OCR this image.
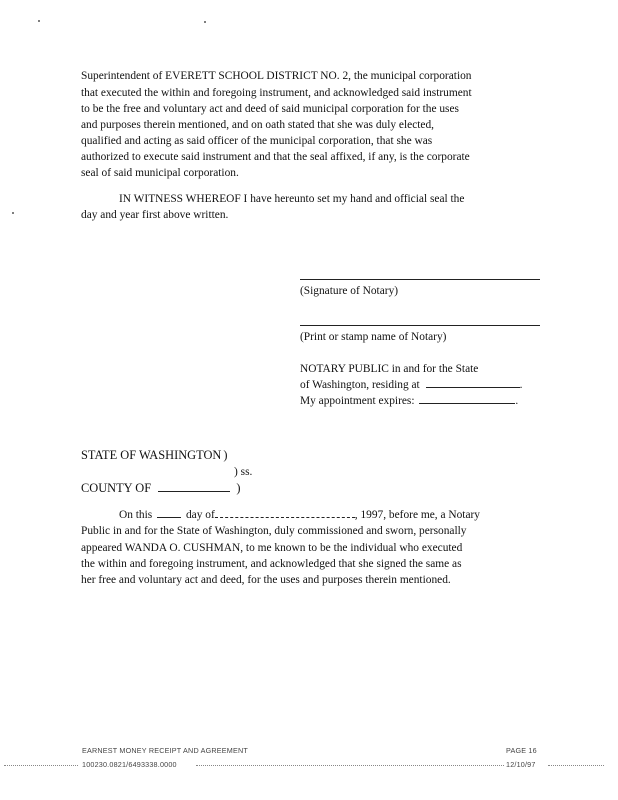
Superintendent of EVERETT SCHOOL DISTRICT NO. 2, the municipal corporation
that executed the within and foregoing instrument, and acknowledged said instrument
to be the free and voluntary act and deed of said municipal corporation for the uses
and purposes therein mentioned, and on oath stated that she was duly elected,
qualified and acting as said officer of the municipal corporation, that she was
authorized to execute said instrument and that the seal affixed, if any, is the corporate
seal of said municipal corporation.
IN WITNESS WHEREOF I have hereunto set my hand and official seal the
day and year first above written.
(Signature of Notary)
(Print or stamp name of Notary)
NOTARY PUBLIC in and for the State
of Washington, residing at	.
My appointment expires:	.
STATE OF WASHINGTON )
) ss.
COUNTY OF	)
On this	day of	, 1997, before me, a Notary
Public in and for the State of Washington, duly commissioned and sworn, personally
appeared WANDA O. CUSHMAN, to me known to be the individual who executed
the within and foregoing instrument, and acknowledged that she signed the same as
her free and voluntary act and deed, for the uses and purposes therein mentioned.
EARNEST MONEY RECEIPT AND AGREEMENT	PAGE 16
100230.0821/6493338.0000	12/10/97
